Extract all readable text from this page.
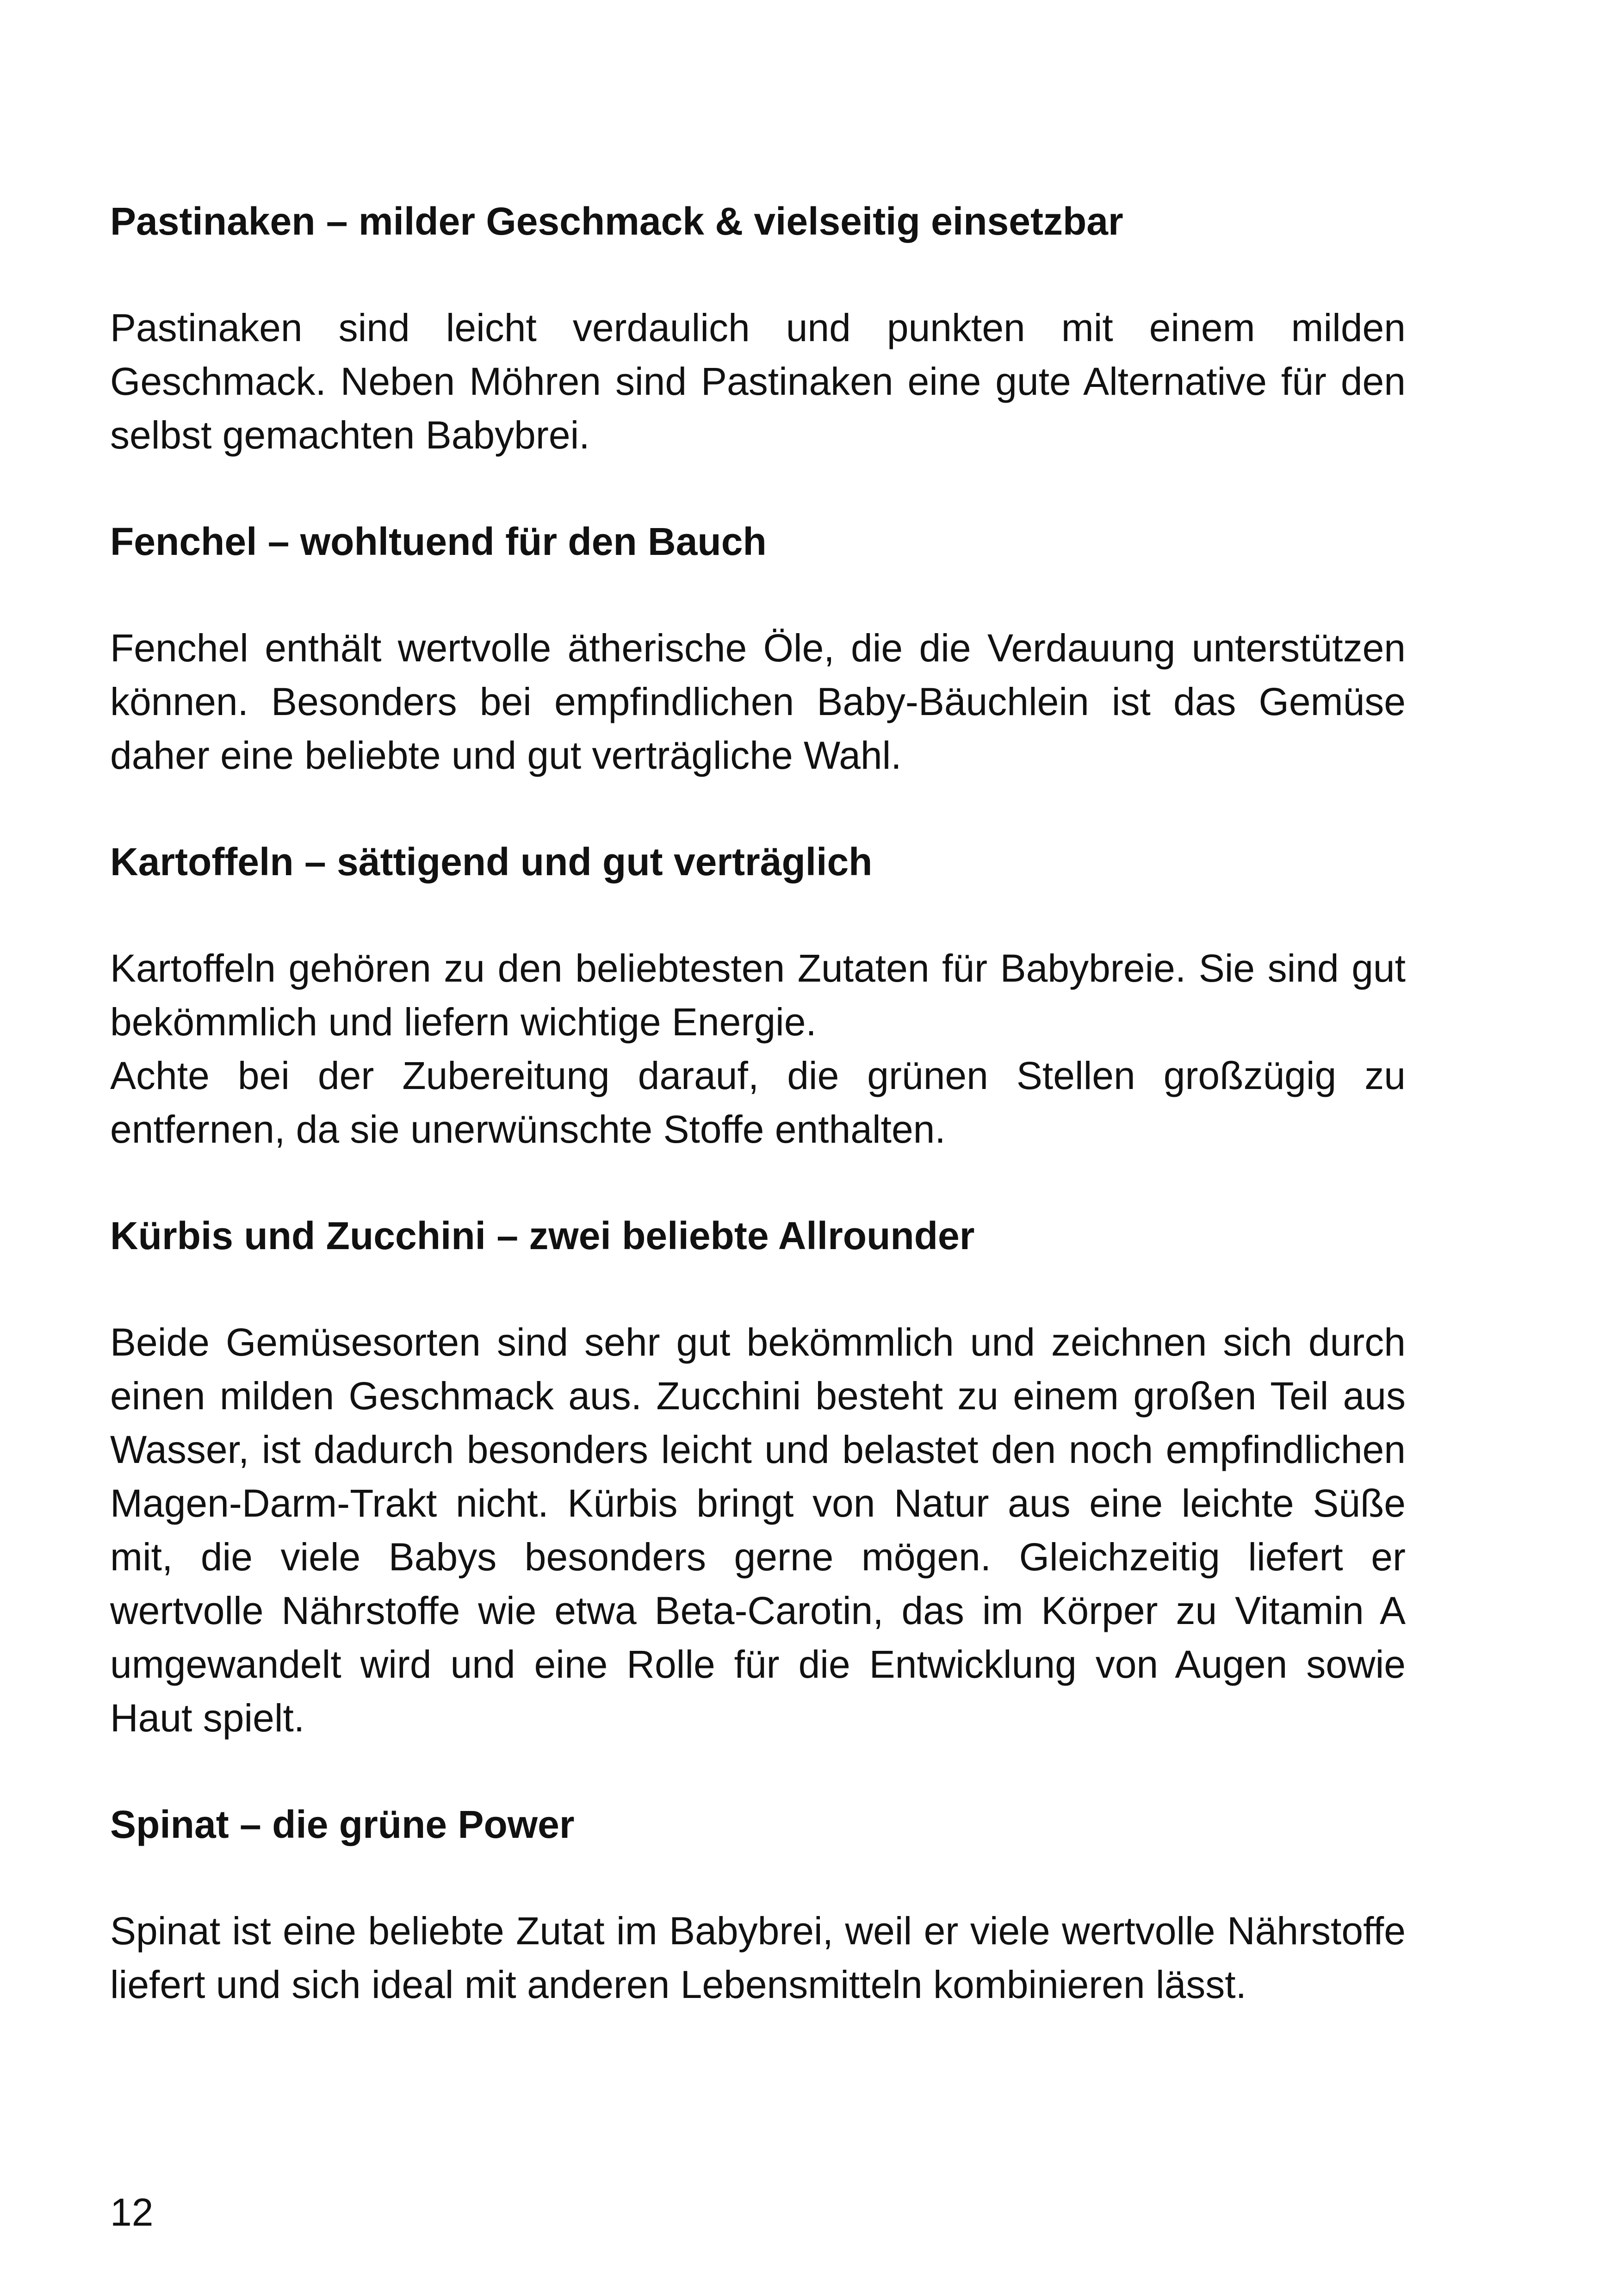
Pastinaken – milder Geschmack & vielseitig einsetzbar

Pastinaken sind leicht verdaulich und punkten mit einem milden Geschmack. Neben Möhren sind Pastinaken eine gute Alternative für den selbst gemachten Babybrei.

Fenchel – wohltuend für den Bauch

Fenchel enthält wertvolle ätherische Öle, die die Verdauung unterstützen können. Besonders bei empfindlichen Baby-Bäuchlein ist das Gemüse daher eine beliebte und gut verträgliche Wahl.

Kartoffeln – sättigend und gut verträglich

Kartoffeln gehören zu den beliebtesten Zutaten für Babybreie. Sie sind gut bekömmlich und liefern wichtige Energie.

Achte bei der Zubereitung darauf, die grünen Stellen großzügig zu entfernen, da sie unerwünschte Stoffe enthalten.

Kürbis und Zucchini – zwei beliebte Allrounder

Beide Gemüsesorten sind sehr gut bekömmlich und zeichnen sich durch einen milden Geschmack aus. Zucchini besteht zu einem großen Teil aus Wasser, ist dadurch besonders leicht und belastet den noch empfindlichen Magen-Darm-Trakt nicht. Kürbis bringt von Natur aus eine leichte Süße mit, die viele Babys besonders gerne mögen. Gleichzeitig liefert er wertvolle Nährstoffe wie etwa Beta-Carotin, das im Körper zu Vitamin A umgewandelt wird und eine Rolle für die Entwicklung von Augen sowie Haut spielt.

Spinat – die grüne Power

Spinat ist eine beliebte Zutat im Babybrei, weil er viele wertvolle Nährstoffe liefert und sich ideal mit anderen Lebensmitteln kombinieren lässt.

12
